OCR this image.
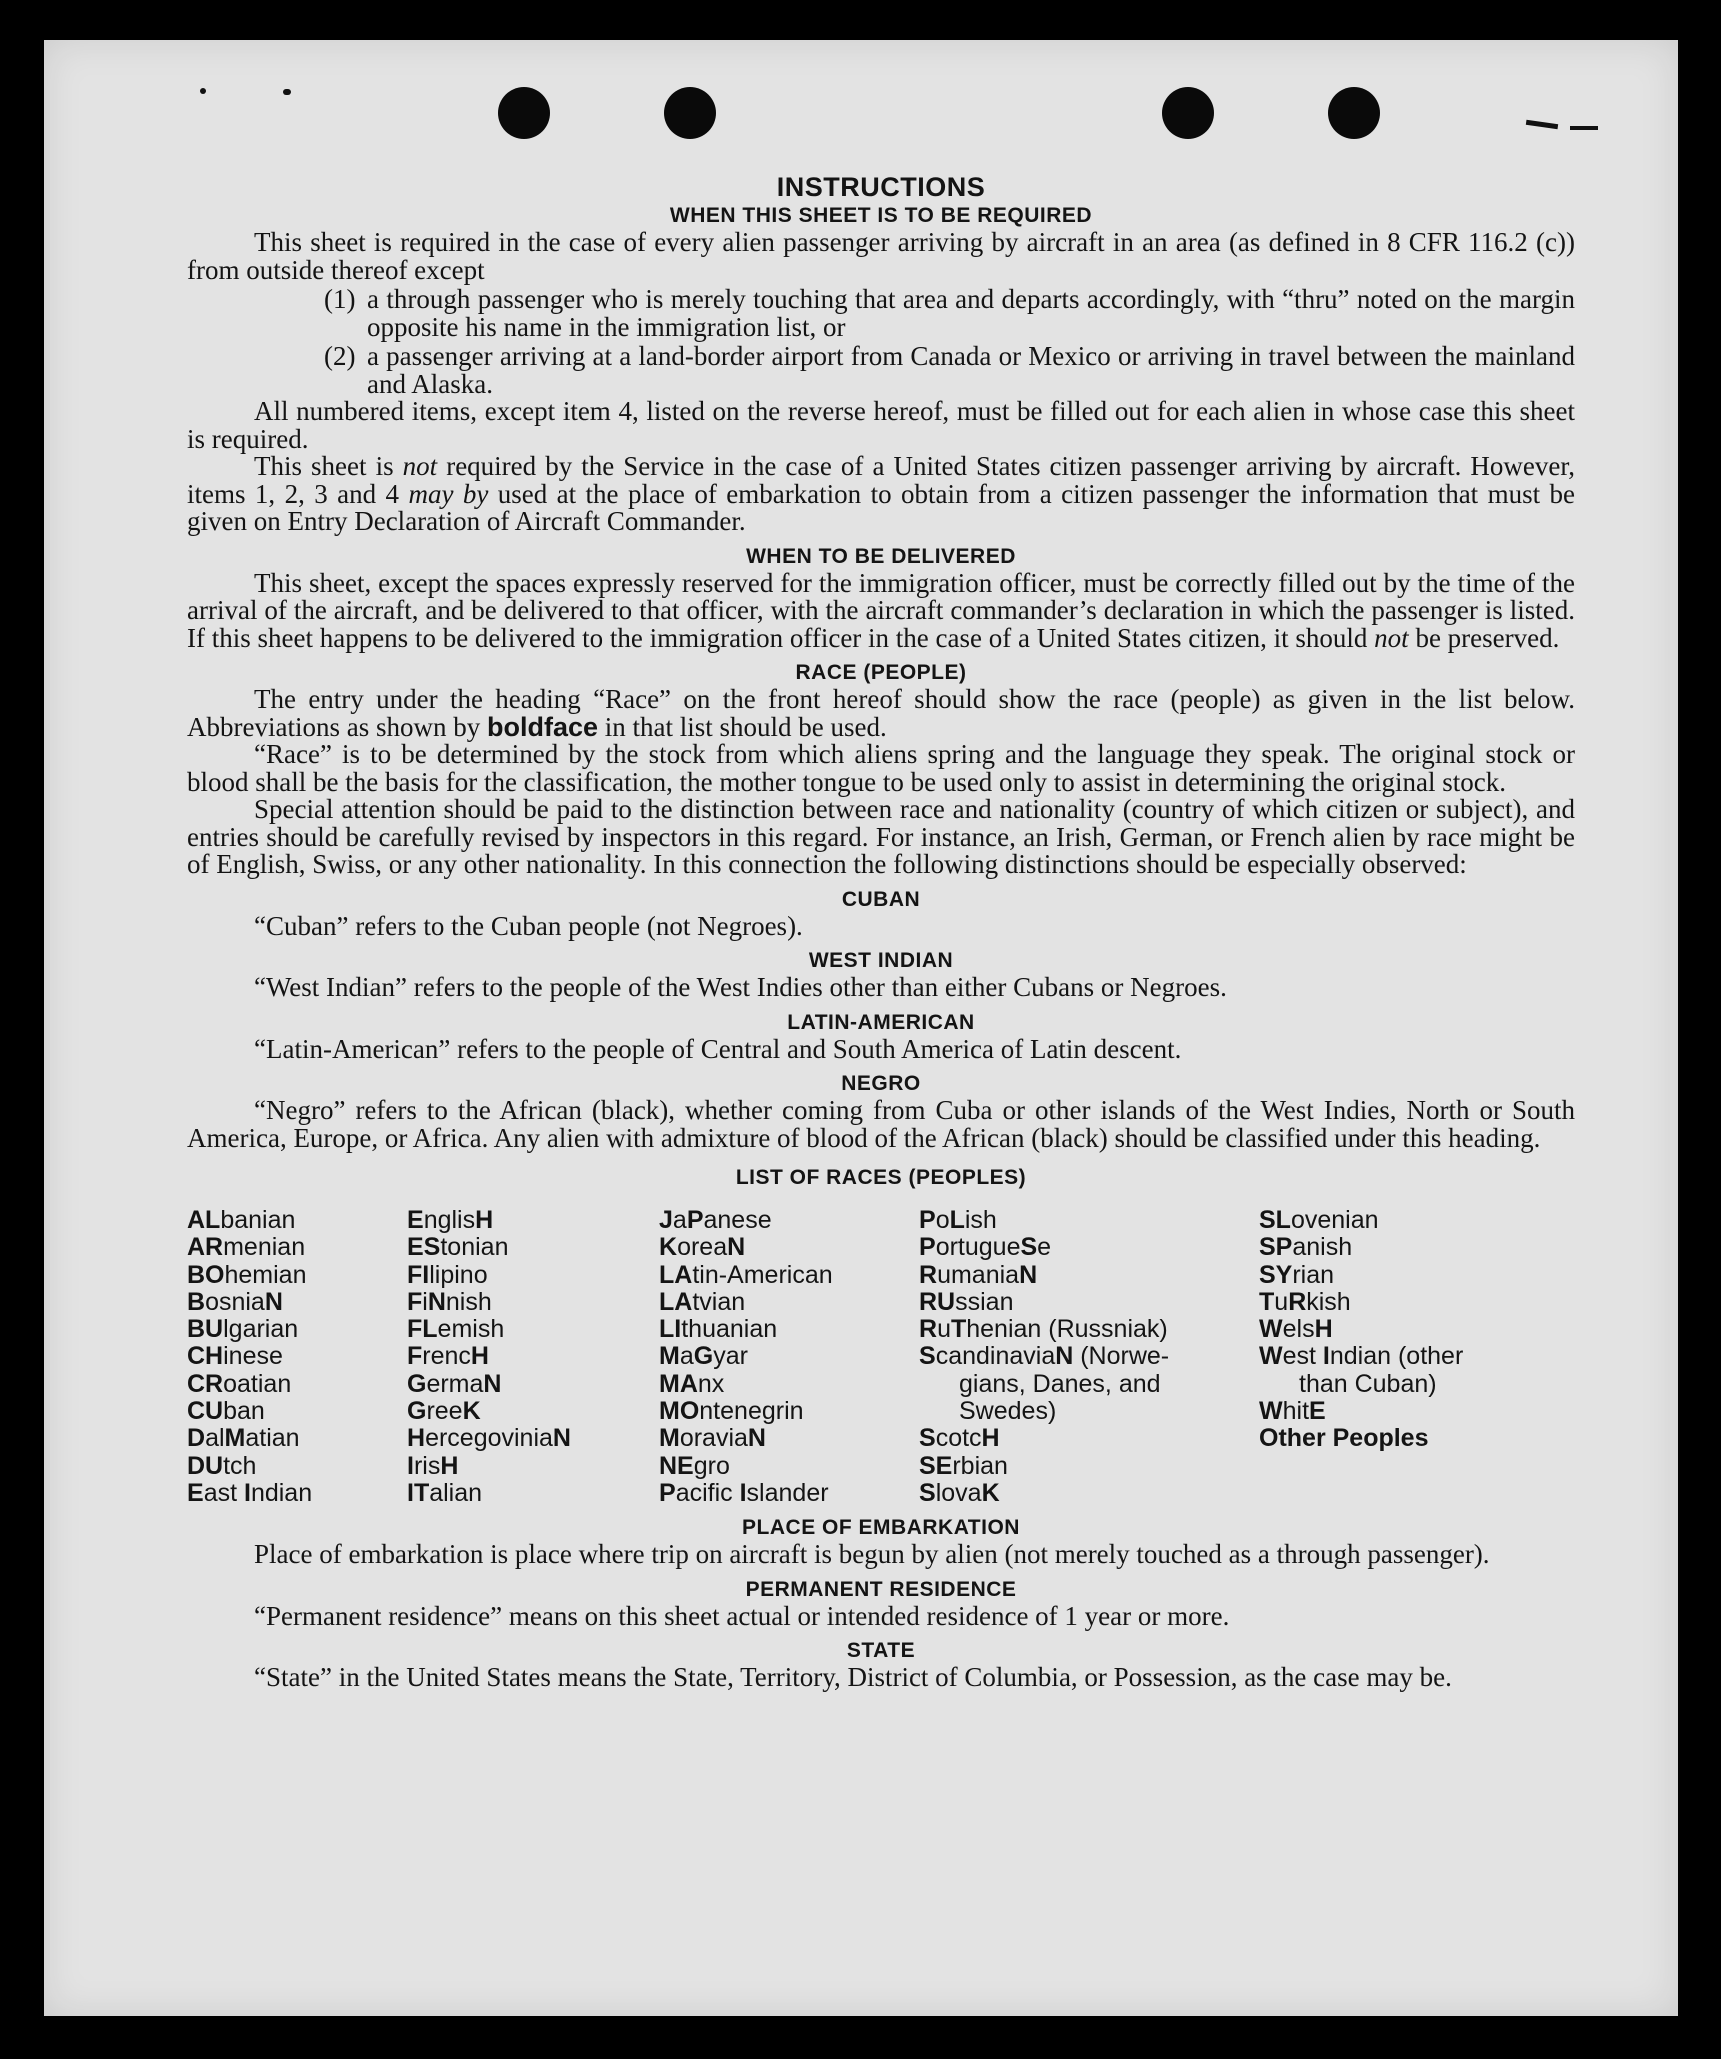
INSTRUCTIONS
WHEN THIS SHEET IS TO BE REQUIRED

This sheet is required in the case of every alien passenger arriving by aircraft in an area (as defined in 8 CFR 116.2 (c)) from outside thereof except

(1) a through passenger who is merely touching that area and departs accordingly, with “thru” noted on the margin opposite his name in the immigration list, or
(2) a passenger arriving at a land-border airport from Canada or Mexico or arriving in travel between the mainland and Alaska.

All numbered items, except item 4, listed on the reverse hereof, must be filled out for each alien in whose case this sheet is required.

This sheet is not required by the Service in the case of a United States citizen passenger arriving by aircraft. However, items 1, 2, 3 and 4 may by used at the place of embarkation to obtain from a citizen passenger the information that must be given on Entry Declaration of Aircraft Commander.

WHEN TO BE DELIVERED

This sheet, except the spaces expressly reserved for the immigration officer, must be correctly filled out by the time of the arrival of the aircraft, and be delivered to that officer, with the aircraft commander’s declaration in which the passenger is listed. If this sheet happens to be delivered to the immigration officer in the case of a United States citizen, it should not be preserved.

RACE (PEOPLE)

The entry under the heading “Race” on the front hereof should show the race (people) as given in the list below. Abbreviations as shown by boldface in that list should be used.

“Race” is to be determined by the stock from which aliens spring and the language they speak. The original stock or blood shall be the basis for the classification, the mother tongue to be used only to assist in determining the original stock.

Special attention should be paid to the distinction between race and nationality (country of which citizen or subject), and entries should be carefully revised by inspectors in this regard. For instance, an Irish, German, or French alien by race might be of English, Swiss, or any other nationality. In this connection the following distinctions should be especially observed:

CUBAN

“Cuban” refers to the Cuban people (not Negroes).

WEST INDIAN

“West Indian” refers to the people of the West Indies other than either Cubans or Negroes.

LATIN-AMERICAN

“Latin-American” refers to the people of Central and South America of Latin descent.

NEGRO

“Negro” refers to the African (black), whether coming from Cuba or other islands of the West Indies, North or South America, Europe, or Africa. Any alien with admixture of blood of the African (black) should be classified under this heading.

LIST OF RACES (PEOPLES)
ALbanian
ARmenian
BOhemian
BosniaN
BUlgarian
CHinese
CRoatian
CUban
DalMatian
DUtch
East Indian
EnglisH
EStonian
FIlipino
FiNnish
FLemish
FrencH
GermaN
GreeK
HercegoviniaN
IrisH
ITalian
JaPanese
KoreaN
LAtin-American
LAtvian
LIthuanian
MaGyar
MAnx
MOntenegrin
MoraviaN
NEgro
Pacific Islander
PoLish
PortugueSe
RumaniaN
RUssian
RuThenian (Russniak)
ScandinaviaN (Norwe-
gians, Danes, and
Swedes)
ScotcH
SErbian
SlovaK
SLovenian
SPanish
SYrian
TuRkish
WelsH
West Indian (other
than Cuban)
WhitE
Other Peoples
PLACE OF EMBARKATION

Place of embarkation is place where trip on aircraft is begun by alien (not merely touched as a through passenger).

PERMANENT RESIDENCE

“Permanent residence” means on this sheet actual or intended residence of 1 year or more.

STATE

“State” in the United States means the State, Territory, District of Columbia, or Possession, as the case may be.
